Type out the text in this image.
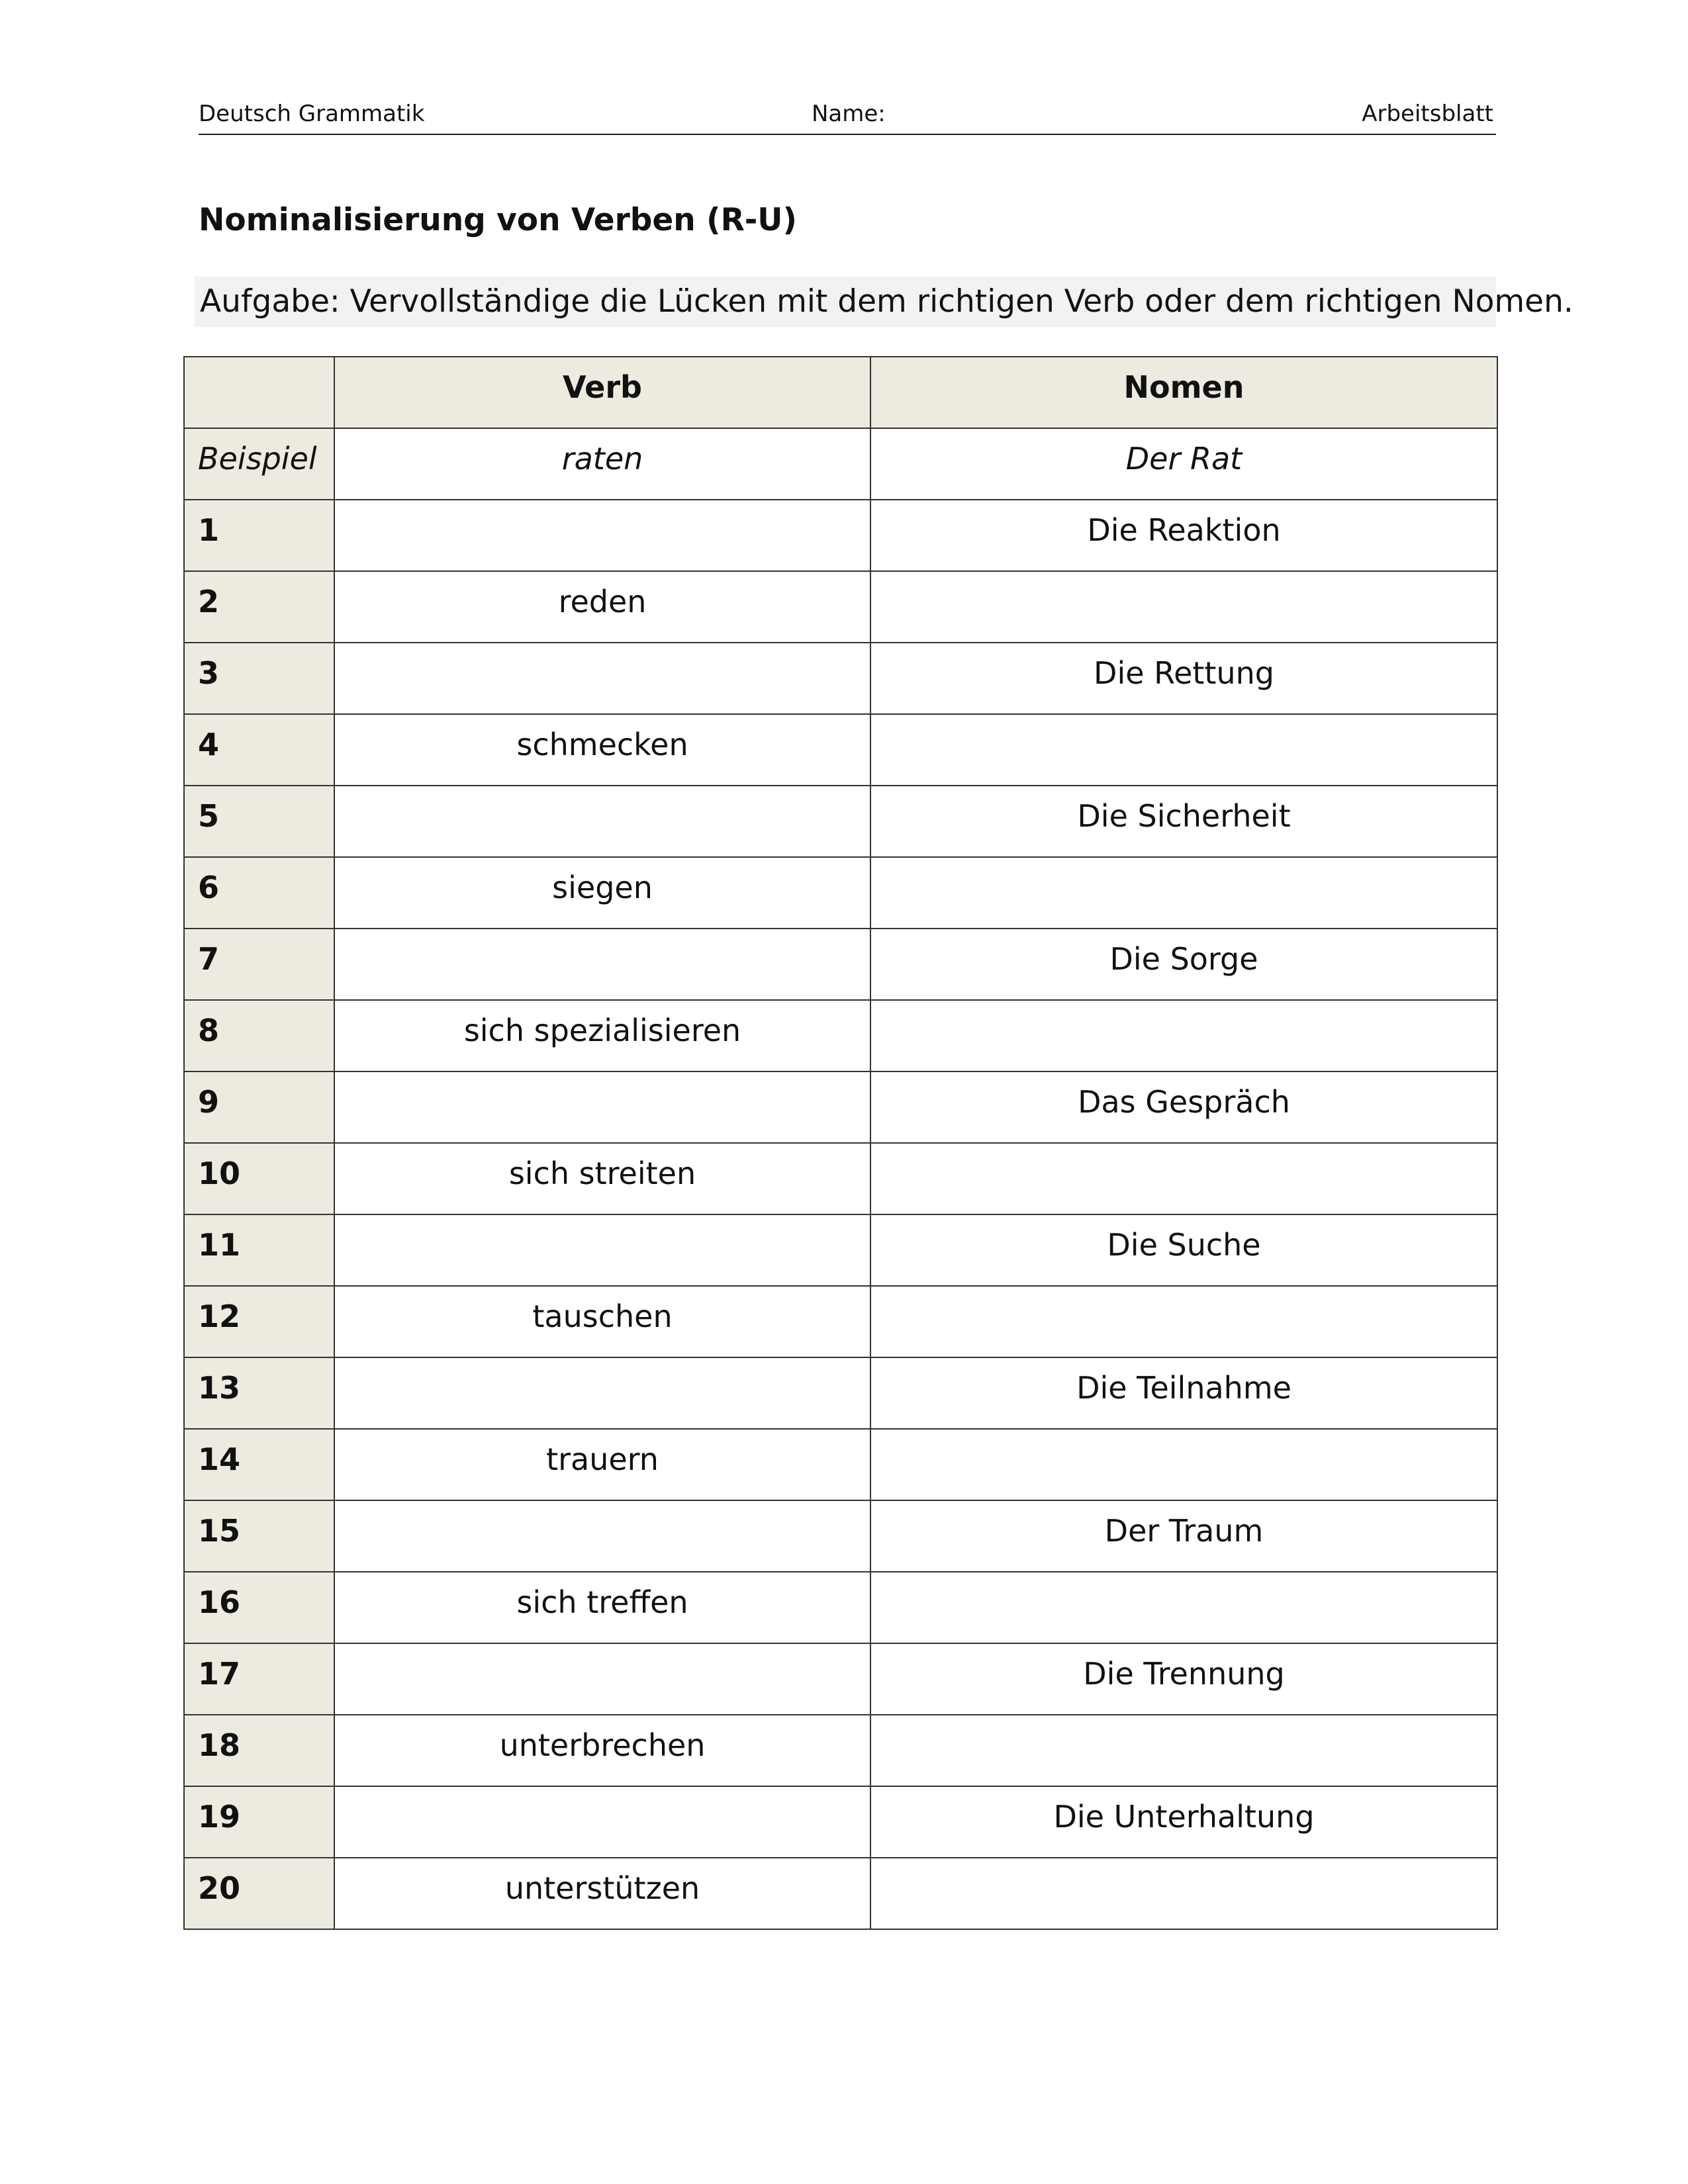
Deutsch Grammatik	Name:	Arbeitsblatt
Nominalisierung von Verben (R-U)
Aufgabe: Vervollständige die Lücken mit dem richtigen Verb oder dem richtigen Nomen.
	Verb	Nomen
Beispiel	raten	Der Rat
1		Die Reaktion
2	reden	
3		Die Rettung
4	schmecken	
5		Die Sicherheit
6	siegen	
7		Die Sorge
8	sich spezialisieren	
9		Das Gespräch
10	sich streiten	
11		Die Suche
12	tauschen	
13		Die Teilnahme
14	trauern	
15		Der Traum
16	sich treffen	
17		Die Trennung
18	unterbrechen	
19		Die Unterhaltung
20	unterstützen	
